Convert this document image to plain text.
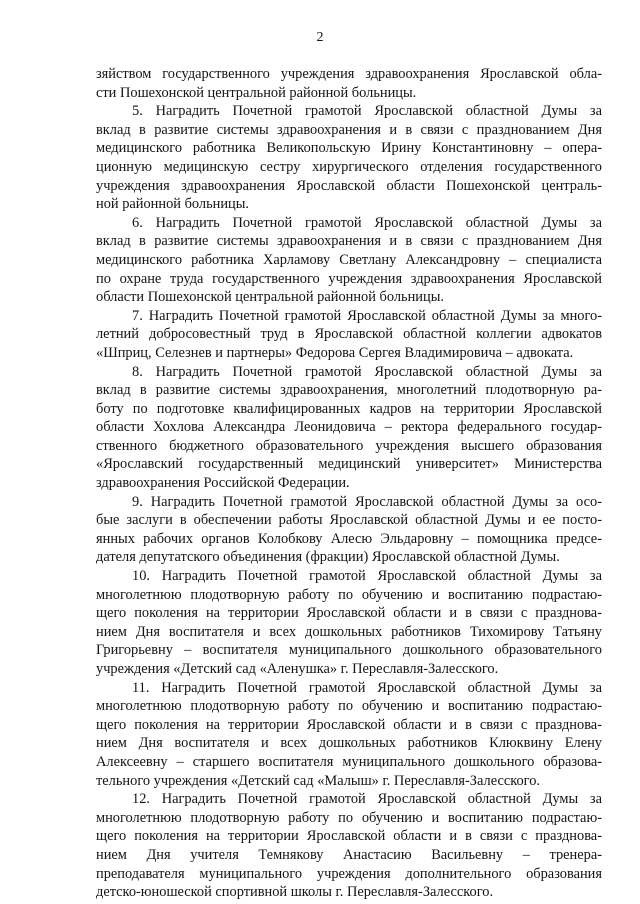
2
зяйством государственного учреждения здравоохранения Ярославской обла-
сти Пошехонской центральной районной больницы.
5. Наградить Почетной грамотой Ярославской областной Думы за
вклад в развитие системы здравоохранения и в связи с празднованием Дня
медицинского работника Великопольскую Ирину Константиновну – опера-
ционную медицинскую сестру хирургического отделения государственного
учреждения здравоохранения Ярославской области Пошехонской централь-
ной районной больницы.
6. Наградить Почетной грамотой Ярославской областной Думы за
вклад в развитие системы здравоохранения и в связи с празднованием Дня
медицинского работника Харламову Светлану Александровну – специалиста
по охране труда государственного учреждения здравоохранения Ярославской
области Пошехонской центральной районной больницы.
7. Наградить Почетной грамотой Ярославской областной Думы за много-
летний добросовестный труд в Ярославской областной коллегии адвокатов
«Шприц, Селезнев и партнеры» Федорова Сергея Владимировича – адвоката.
8. Наградить Почетной грамотой Ярославской областной Думы за
вклад в развитие системы здравоохранения, многолетний плодотворную ра-
боту по подготовке квалифицированных кадров на территории Ярославской
области Хохлова Александра Леонидовича – ректора федерального государ-
ственного бюджетного образовательного учреждения высшего образования
«Ярославский государственный медицинский университет» Министерства
здравоохранения Российской Федерации.
9. Наградить Почетной грамотой Ярославской областной Думы за осо-
бые заслуги в обеспечении работы Ярославской областной Думы и ее посто-
янных рабочих органов Колобкову Алесю Эльдаровну – помощника предсе-
дателя депутатского объединения (фракции) Ярославской областной Думы.
10. Наградить Почетной грамотой Ярославской областной Думы за
многолетнюю плодотворную работу по обучению и воспитанию подрастаю-
щего поколения на территории Ярославской области и в связи с празднова-
нием Дня воспитателя и всех дошкольных работников Тихомирову Татьяну
Григорьевну – воспитателя муниципального дошкольного образовательного
учреждения «Детский сад «Аленушка» г. Переславля-Залесского.
11. Наградить Почетной грамотой Ярославской областной Думы за
многолетнюю плодотворную работу по обучению и воспитанию подрастаю-
щего поколения на территории Ярославской области и в связи с празднова-
нием Дня воспитателя и всех дошкольных работников Клюквину Елену
Алексеевну – старшего воспитателя муниципального дошкольного образова-
тельного учреждения «Детский сад «Малыш» г. Переславля-Залесского.
12. Наградить Почетной грамотой Ярославской областной Думы за
многолетнюю плодотворную работу по обучению и воспитанию подрастаю-
щего поколения на территории Ярославской области и в связи с празднова-
нием Дня учителя Темнякову Анастасию Васильевну – тренера-
преподавателя муниципального учреждения дополнительного образования
детско-юношеской спортивной школы г. Переславля-Залесского.
